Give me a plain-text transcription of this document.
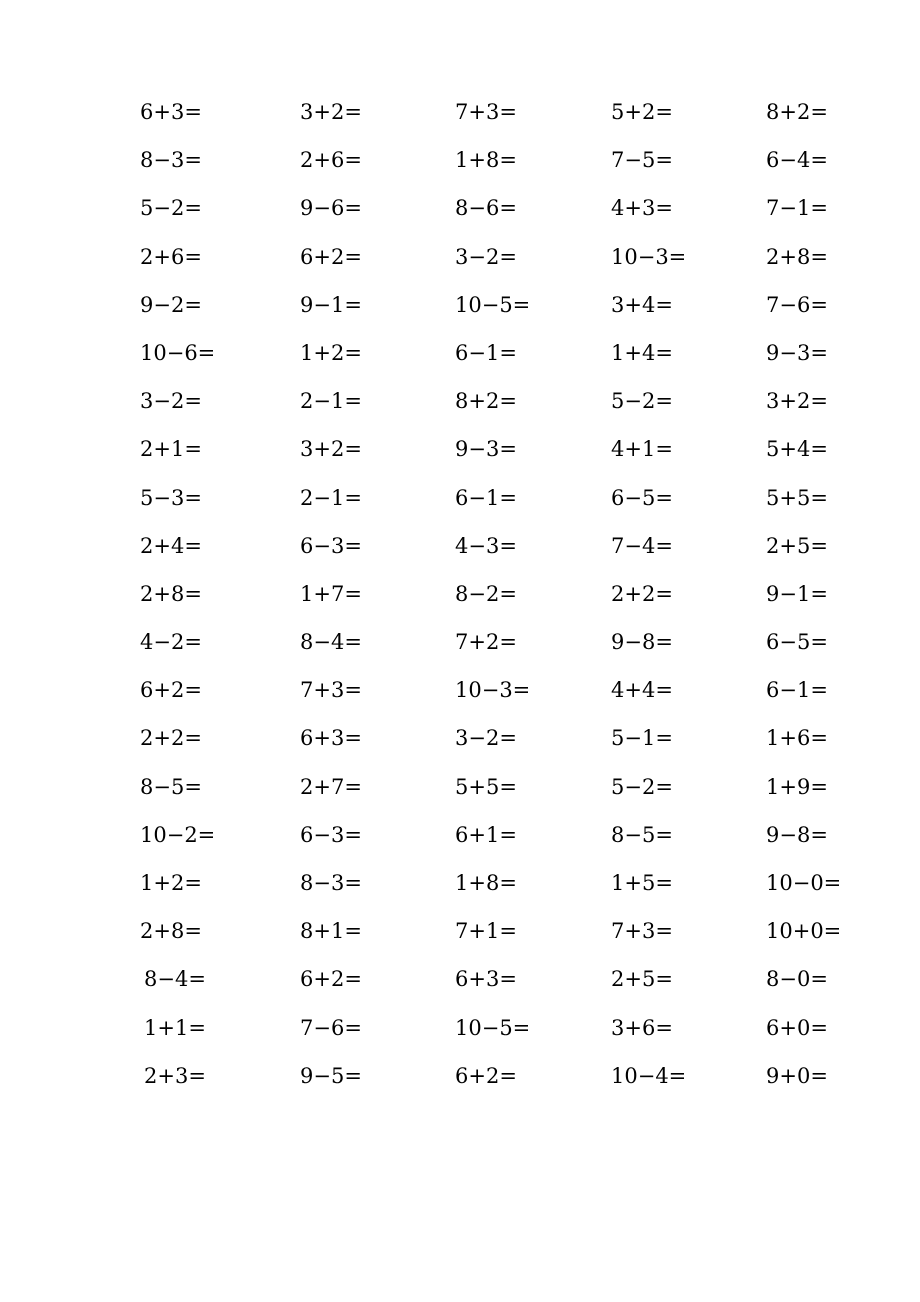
6+3=	3+2=	7+3=	5+2=	8+2=
8−3=	2+6=	1+8=	7−5=	6−4=
5−2=	9−6=	8−6=	4+3=	7−1=
2+6=	6+2=	3−2=	10−3=	2+8=
9−2=	9−1=	10−5=	3+4=	7−6=
10−6=	1+2=	6−1=	1+4=	9−3=
3−2=	2−1=	8+2=	5−2=	3+2=
2+1=	3+2=	9−3=	4+1=	5+4=
5−3=	2−1=	6−1=	6−5=	5+5=
2+4=	6−3=	4−3=	7−4=	2+5=
2+8=	1+7=	8−2=	2+2=	9−1=
4−2=	8−4=	7+2=	9−8=	6−5=
6+2=	7+3=	10−3=	4+4=	6−1=
2+2=	6+3=	3−2=	5−1=	1+6=
8−5=	2+7=	5+5=	5−2=	1+9=
10−2=	6−3=	6+1=	8−5=	9−8=
1+2=	8−3=	1+8=	1+5=	10−0=
2+8=	8+1=	7+1=	7+3=	10+0=
8−4=	6+2=	6+3=	2+5=	8−0=
1+1=	7−6=	10−5=	3+6=	6+0=
2+3=	9−5=	6+2=	10−4=	9+0=
